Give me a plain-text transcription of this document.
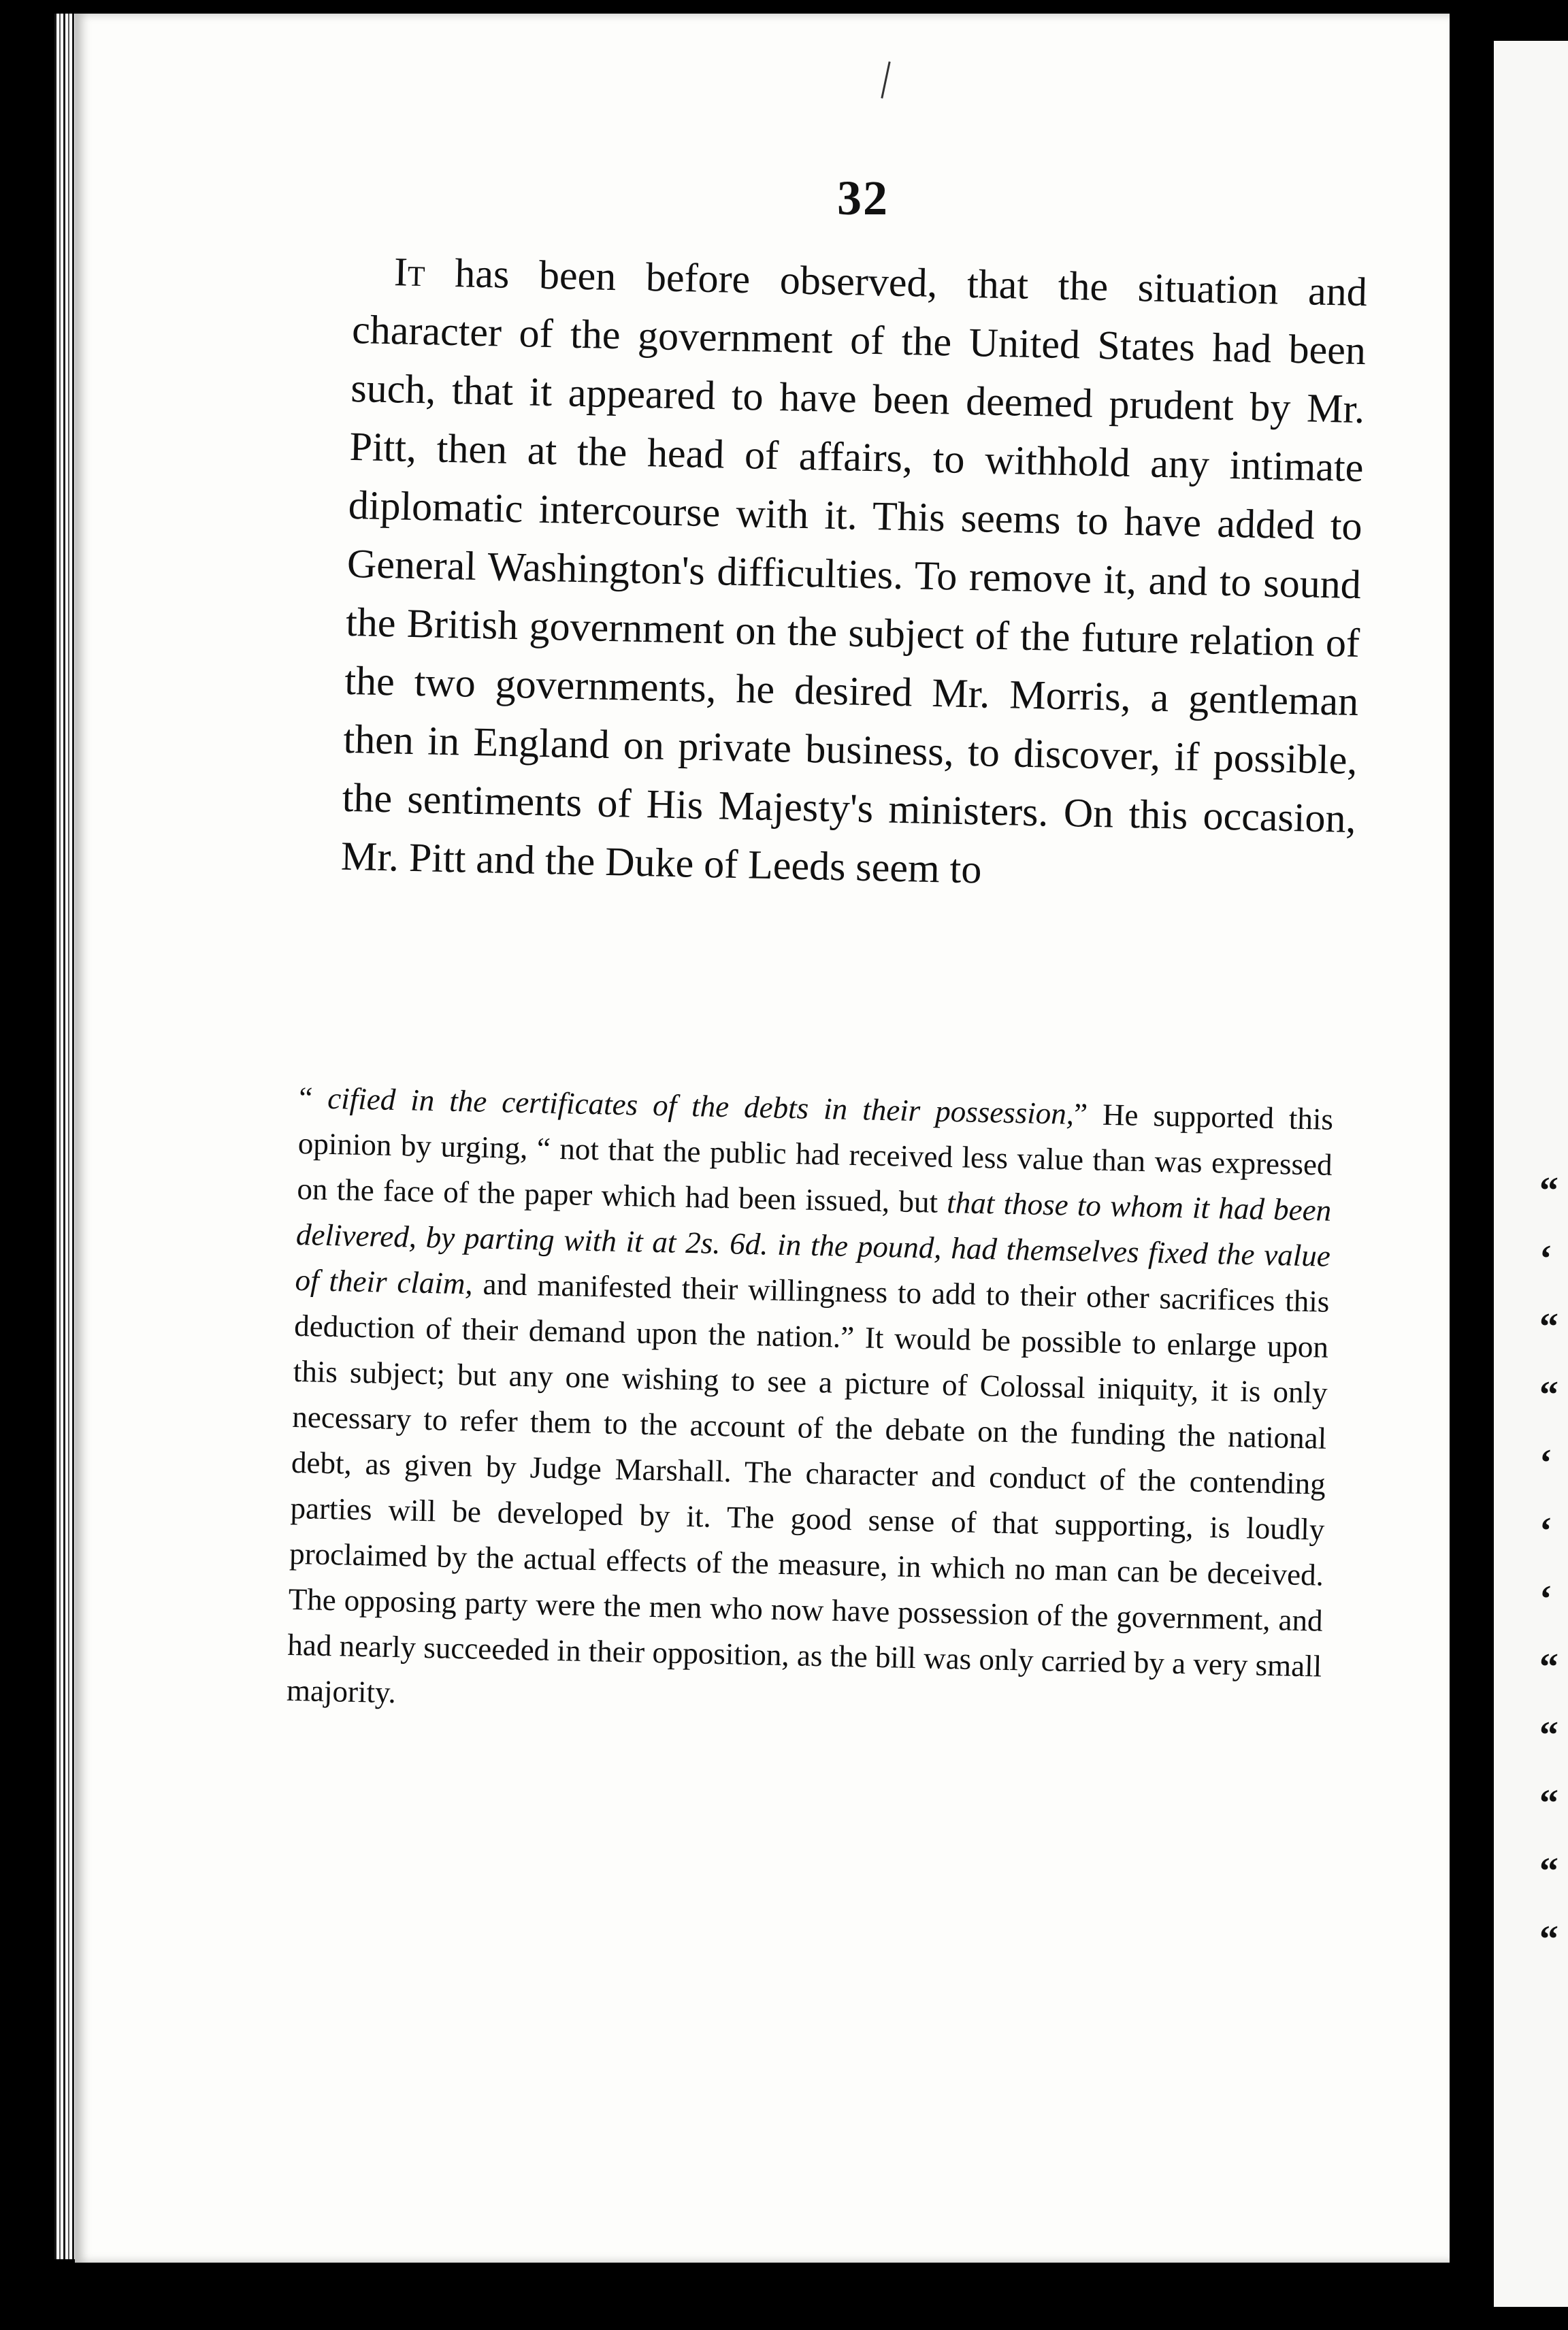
“
‘
“
“
‘
‘
‘
“
“
“
“
“
32

It has been before observed, that the situation and character of the government of the United States had been such, that it appeared to have been deemed prudent by Mr. Pitt, then at the head of affairs, to withhold any intimate diplomatic intercourse with it. This seems to have added to General Washington's difficulties. To remove it, and to sound the British government on the subject of the future relation of the two governments, he desired Mr. Morris, a gentleman then in England on private business, to discover, if possible, the sentiments of His Majesty's ministers. On this occasion, Mr. Pitt and the Duke of Leeds seem to

“ cified in the certificates of the debts in their possession,” He supported this opinion by urging, “ not that the public had received less value than was expressed on the face of the paper which had been issued, but that those to whom it had been delivered, by parting with it at 2s. 6d. in the pound, had themselves fixed the value of their claim, and manifested their willingness to add to their other sacrifices this deduction of their demand upon the nation.” It would be possible to enlarge upon this subject; but any one wishing to see a picture of Colossal iniquity, it is only necessary to refer them to the account of the debate on the funding the national debt, as given by Judge Marshall. The character and conduct of the contending parties will be developed by it. The good sense of that supporting, is loudly proclaimed by the actual effects of the measure, in which no man can be deceived. The opposing party were the men who now have possession of the government, and had nearly succeeded in their opposition, as the bill was only carried by a very small majority.
